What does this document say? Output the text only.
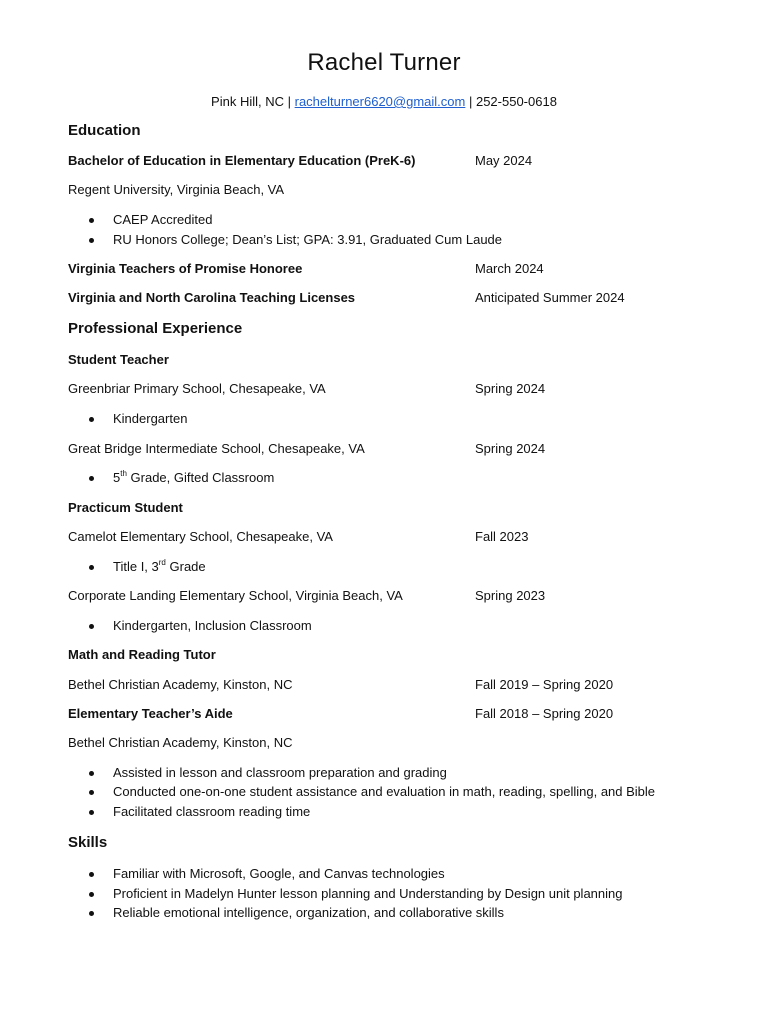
Rachel Turner
Pink Hill, NC | rachelturner6620@gmail.com | 252-550-0618
Education
Bachelor of Education in Elementary Education (PreK-6)	May 2024
Regent University, Virginia Beach, VA
CAEP Accredited
RU Honors College; Dean’s List; GPA: 3.91, Graduated Cum Laude
Virginia Teachers of Promise Honoree	March 2024
Virginia and North Carolina Teaching Licenses	Anticipated Summer 2024
Professional Experience
Student Teacher
Greenbriar Primary School, Chesapeake, VA	Spring 2024
Kindergarten
Great Bridge Intermediate School, Chesapeake, VA	Spring 2024
5th Grade, Gifted Classroom
Practicum Student
Camelot Elementary School, Chesapeake, VA	Fall 2023
Title I, 3rd Grade
Corporate Landing Elementary School, Virginia Beach, VA	Spring 2023
Kindergarten, Inclusion Classroom
Math and Reading Tutor
Bethel Christian Academy, Kinston, NC	Fall 2019 – Spring 2020
Elementary Teacher’s Aide	Fall 2018 – Spring 2020
Bethel Christian Academy, Kinston, NC
Assisted in lesson and classroom preparation and grading
Conducted one-on-one student assistance and evaluation in math, reading, spelling, and Bible
Facilitated classroom reading time
Skills
Familiar with Microsoft, Google, and Canvas technologies
Proficient in Madelyn Hunter lesson planning and Understanding by Design unit planning
Reliable emotional intelligence, organization, and collaborative skills
